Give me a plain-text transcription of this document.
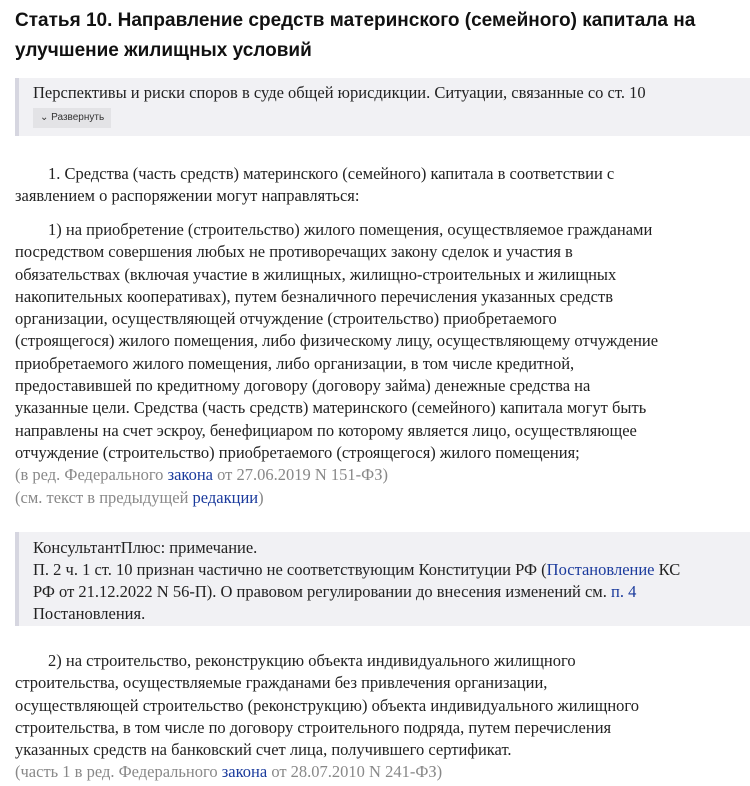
Статья 10. Направление средств материнского (семейного) капитала на
улучшение жилищных условий
Перспективы и риски споров в суде общей юрисдикции. Ситуации, связанные со ст. 10
⌄ Развернуть
1. Средства (часть средств) материнского (семейного) капитала в соответствии с
заявлением о распоряжении могут направляться:
1) на приобретение (строительство) жилого помещения, осуществляемое гражданами
посредством совершения любых не противоречащих закону сделок и участия в
обязательствах (включая участие в жилищных, жилищно-строительных и жилищных
накопительных кооперативах), путем безналичного перечисления указанных средств
организации, осуществляющей отчуждение (строительство) приобретаемого
(строящегося) жилого помещения, либо физическому лицу, осуществляющему отчуждение
приобретаемого жилого помещения, либо организации, в том числе кредитной,
предоставившей по кредитному договору (договору займа) денежные средства на
указанные цели. Средства (часть средств) материнского (семейного) капитала могут быть
направлены на счет эскроу, бенефициаром по которому является лицо, осуществляющее
отчуждение (строительство) приобретаемого (строящегося) жилого помещения;
(в ред. Федерального закона от 27.06.2019 N 151-ФЗ)
(см. текст в предыдущей редакции)
КонсультантПлюс: примечание.
П. 2 ч. 1 ст. 10 признан частично не соответствующим Конституции РФ (Постановление КС
РФ от 21.12.2022 N 56-П). О правовом регулировании до внесения изменений см. п. 4
Постановления.
2) на строительство, реконструкцию объекта индивидуального жилищного
строительства, осуществляемые гражданами без привлечения организации,
осуществляющей строительство (реконструкцию) объекта индивидуального жилищного
строительства, в том числе по договору строительного подряда, путем перечисления
указанных средств на банковский счет лица, получившего сертификат.
(часть 1 в ред. Федерального закона от 28.07.2010 N 241-ФЗ)
